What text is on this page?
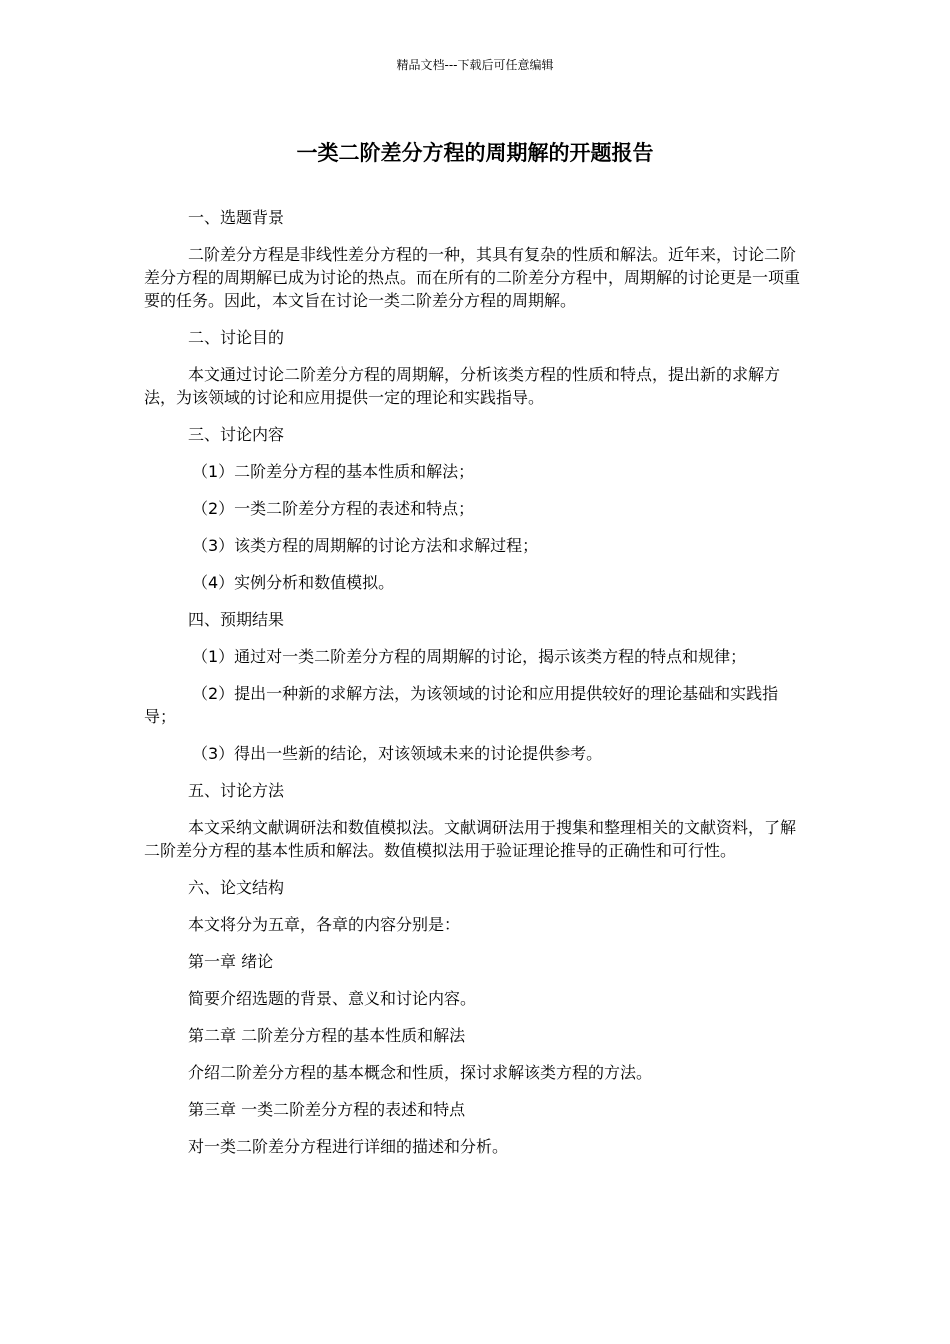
精品文档---下载后可任意编辑
一类二阶差分方程的周期解的开题报告

一、选题背景

二阶差分方程是非线性差分方程的一种，其具有复杂的性质和解法。近年来，讨论二阶差分方程的周期解已成为讨论的热点。而在所有的二阶差分方程中，周期解的讨论更是一项重要的任务。因此，本文旨在讨论一类二阶差分方程的周期解。

二、讨论目的

本文通过讨论二阶差分方程的周期解，分析该类方程的性质和特点，提出新的求解方法，为该领域的讨论和应用提供一定的理论和实践指导。

三、讨论内容

（1）二阶差分方程的基本性质和解法；

（2）一类二阶差分方程的表述和特点；

（3）该类方程的周期解的讨论方法和求解过程；

（4）实例分析和数值模拟。

四、预期结果

（1）通过对一类二阶差分方程的周期解的讨论，揭示该类方程的特点和规律；

（2）提出一种新的求解方法，为该领域的讨论和应用提供较好的理论基础和实践指导；

（3）得出一些新的结论，对该领域未来的讨论提供参考。

五、讨论方法

本文采纳文献调研法和数值模拟法。文献调研法用于搜集和整理相关的文献资料，了解二阶差分方程的基本性质和解法。数值模拟法用于验证理论推导的正确性和可行性。

六、论文结构

本文将分为五章，各章的内容分别是：

第一章 绪论

简要介绍选题的背景、意义和讨论内容。

第二章 二阶差分方程的基本性质和解法

介绍二阶差分方程的基本概念和性质，探讨求解该类方程的方法。

第三章 一类二阶差分方程的表述和特点

对一类二阶差分方程进行详细的描述和分析。
